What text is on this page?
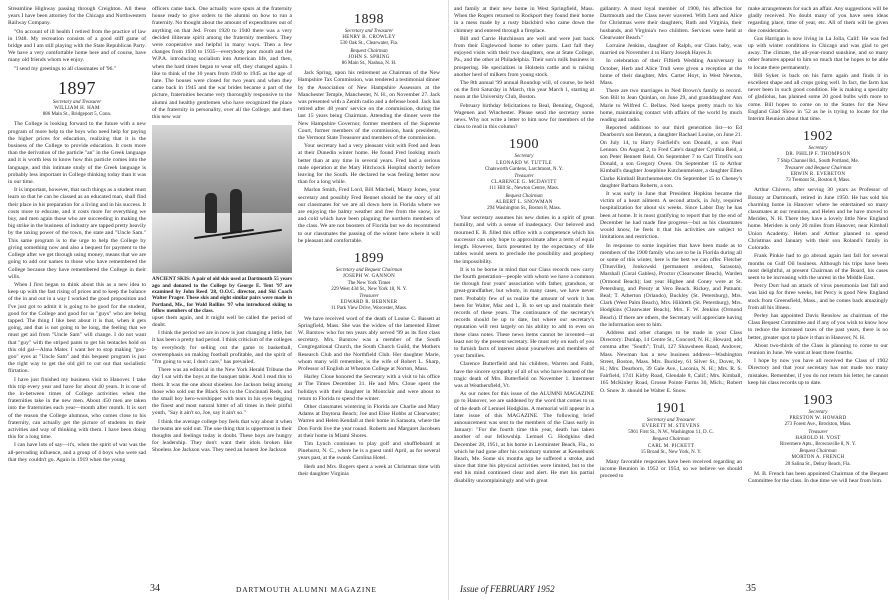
Streamline Highway passing through Creighton. All these years I have been attorney for the Chicago and Northwestern Railway Company.

"On account of ill health I retired from the practice of law in 1948. My recreation consists of a good stiff game of bridge and I am still playing with the State Republican Party. We have a very comfortable home here and of course, have many old friends whom we enjoy.

"I send my greetings to all classmates of '96."

1897
Secretary and Treasurer
WILLIAM H. HAM
886 Main St., Bridgeport 5, Conn.

The College is looking forward to the future with a new program of more help to the boys who need help for paying the higher prices for education, realizing that it is the business of the College to provide education. It costs more than the derivation of the particle "an" in the Greek language and it is worth less to know how this particle comes into the language, and this intimate study of the Greek language is probably less important in College thinking today than it was in our time.

It is important, however, that such things as a student must learn so that he can be classed as an educated man, shall find their place in his preparation for a living and in his success. It costs more to educate, and it costs more for everything we buy, and men again those who are succeeding in making the big strike in the business of industry are tapped pretty heavily by the taxing power of the town, the state and "Uncle Sam." This same program is to the urge to help the College by giving something now and also a bequest for payment to the College after we get through using money, means that we are going to add our names to those who have remembered the College because they have remembered the College in their wills.

When I first began to think about this as a new idea to keep up with the fast rising of prices and to keep the balance of the in and out in a way I worked the good proposition and I've just got to admit it is going to be good for the student, good for the College and good for us "guys" who are being tapped. The thing I like best about it is that, when it gets going, and that is not going to be long, the feeling that we must get aid from "Uncle Sam" will change. I do not want that "guy" with the striped pants to get his tentacles hold on this old gal—Alma Mater. I want her to stop making "goo-goo" eyes at "Uncle Sam" and this bequest program is just the right way to get the old girl to cut out that socialistic flirtation.

I have just finished my business visit to Hanover. I take this trip every year and have for about 40 years. It is one of the in-between times of College activities when the fraternities take in the new men. About 450 men are taken into the fraternities each year—month after month. It is sort of the reason the College alumnus, who comes close to his fraternity, can actually get the picture of students in their activities and way of thinking with them. I have been doing this for a long time.

I can have lots of say—it's, when the spirit of war was the all-pervading influence, and a group of 4 boys who were sad that they couldn't go. Again in 1919 when the young

officers came back. One actually wore spurs at the fraternity house ready to give orders to the alumni on how to run a fraternity. No thought about the amount of expenditures out of anything on that Jed. From 1920 to 1940 there was a very decided illiterate spirit among the fraternity members. They were cooperative and helpful in many ways. Then a few changes from 1930 to 1935—everybody poor mouth and the W.P.A. introducing socialism into American life, and then, when the hard times began to wear off, they changed again. I like to think of the 10 years from 1940 to 1945 as the age of hate. The houses were closed for two years and when they came back in 1945 and the war brides became a part of the picture, fraternities became very thoroughly responsive to the alumni and healthy gentlemen who have recognized the place of the fraternity in personality, over all the College; and then this new war

ANCIENT SKIS: A pair of old skis used at Dartmouth 55 years ago and donated to the College by George E. Tent '97 are examined by John Reed '28, O.O.C. director, and Ski Coach Walter Prager. These skis and eight similar pairs were made in Portland, Me., for Wald Rollins '97 who introduced skiing to fellow members of the class.

upset them again, and it might well be called the period of doubt.

I think the period we are in now is just changing a little, but it has been a pretty bad period. I think criticism of the colleges by everybody for selling out the game to basketball, overemphasis on making football profitable, and the spirit of "I'm going to war, I don't care," has prevailed.

There was an editorial in the New York Herald Tribune the day I sat with the boys at the banquet table. And I read this to them. It was the one about shoeless Joe Jackson being among those who sold out the Black Sox to the Cincinnati Reds, and the small boy hero-worshipper with tears in his eyes begging the finest and most natural hitter of all times in their pitiful youth, "Say it ain't so, Joe, say it ain't so."

I think the average college boy feels that way about it when the teams are sold out. The one thing that is uppermost in their thoughts and feelings today is doubt. These boys are hungry for leadership. They don't want their idols broken like Shoeless Joe Jackson was. They need an honest Joe Jackson

1898
Secretary and Treasurer
HENRY B. CROWLEY
530 Oak St., Clearwater, Fla.
Bequest Chairman
JOHN S. SPRING
86 Main St., Nashua, N. H.

Jack Spring, upon his retirement as Chairman of the New Hampshire Tax Commission, was tendered a testimonial dinner by the Association of New Hampshire Assessors at the Manchester Temple, Manchester, N. H., on November 27. Jack was presented with a Zenith radio and a defense bond. Jack has retired after 48 years' service on the commission, during the last 15 years being Chairman. Attending the dinner were the New Hampshire Governor, former members of the Supreme Court, former members of the commission, bank presidents, the Vermont State Treasurer and members of the commission.

Your secretary had a very pleasant visit with Fred and Jean at their Dunedin winter home. He found Fred looking much better than at any time in several years. Fred had a serious male operation at the Mary Hitchcock Hospital shortly before leaving for the South. He declared he was feeling better now than for a long while.

Marlon Smith, Fred Lord, Bill Mitchell, Maury Jones, your secretary and possibly Fred Bennet should be the story of all our classmates for we are all down here in Florida where we are enjoying the balmy weather and free from the snow, ice and cold which have been plaguing the northern members of the class. We are not boosters of Florida but we do recommend to our classmates the passing of the winter here where it will be pleasant and comfortable.

1899
Secretary and Bequest Chairman
JOSEPH W. GANNON
The New York Times
229 West 43d St., New York 18, N. Y.
Treasurer
EDWARD R. BEBNNER
11 Park View Drive, Worcester, Mass.

We have received word of the death of Louise C. Bassett at Springfield, Mass. She was the widow of the lamented Elmer W. Barstow who for ten years ably served '99 as its first class secretary. Mrs. Barstow was a member of the South Congregational Church, the South Church Guild, the Mothers Research Club and the Northfield Club. Her daughter Marie, whom many will remember, is the wife of Robert L. Sharp, Professor of English at Wheaton College at Norton, Mass.

Harley Cloue honored the Secretary with a visit to his office at The Times December 31. He and Mrs. Cloue spent the holidays with their daughter in Montclair and were about to return to Florida to spend the winter.

Other classmates wintering in Florida are Charlie and Mary Adams at Daytona Beach; Joe and Elise Hobbs at Clearwater; Warren and Helen Kendall at their home in Sarasota, where the Don Fords live the year round. Roberts and Margaret Jacobsen at their home in Miami Shores.

Tim Lynch continues to play golf and shuffleboard at Pinehurst, N. C., where he is a guest until April, as for several years past, at the swank Carolina Hotel.

Herb and Mrs. Rogers spent a week at Christmas time with their daughter Virginia

34	DARTMOUTH ALUMNI MAGAZINE

and family at their new home in West Springfield, Mass. When the Rogers returned to Rockport they found their home in a mess made by a rusty blackbird who came down the chimney and entered through a fireplace.

Bill and Carrie Hutchinson are well and were just back from their Englewood home to other parts. Last fall they enjoyed visits with their two daughters, one at State College, Pa., and the other at Philadelphia. Their son's milk business is prospering. He specializes in Holstein cattle and is raising another herd of milkers from young stock.

The 8th annual '99 annual Roundup will, of course, be held on the first Saturday in March, this year March 1, starting at noon at the University Club, Boston.

February birthday felicitations to Beal, Benning, Osgood, Wagenen and Winchester. Please send the secretary some news. Why not write a letter to him now for members of the class to read in this column?

1900
Secretary
LEONARD W. TUTTLE
Chatsworth Gardens, Larchmont, N. Y.
Treasurer
CLARENCE G. MCDAVITT
111 Hill St., Newton Centre, Mass.
Bequest Chairman
ALBERT L. SNOWMAN
294 Washington St., Boston 8, Mass.

Your secretary assumes his new duties in a spirit of great humility, and with a sense of inadequacy. Our beloved and mourned E. B. filled this office with a competence which his successor can only hope to approximate after a term of equal length. However, facts presented by the expectancy of life tables would seem to preclude the possibility and prophesy the impossibility.

It is to be borne in mind that our Class records now carry the fourth generation—people with whom we have a common tie through four years' association with father, grandson, or great-grandfather, but whom, in many cases, we have never met. Probably few of us realize the amount of work it has been for Walter, Mac and L. B. to set up and maintain their records of these years. The continuance of the secretary's records should be up to date, but where our secretary's reputation will rest largely on his ability to add to even on these class notes. These news items cannot be invented—at least not by the present secretary. He must rely on each of you to furnish facts of interest about yourselves and members of your families.

Clarence Butterfield and his children, Warren and Faith, have the sincere sympathy of all of us who have learned of the tragic death of Mrs. Butterfield on November 1. Interment was at Weathersfield, Vt.

As our notes for this issue of the ALUMNI MAGAZINE go to Hanover, we are saddened by the word that comes to us of the death of Lemuel Hodgkins. A memorial will appear in a later issue of this MAGAZINE. The following brief announcement was sent to the members of the Class early in January: "For the fourth time this year, death has taken another of our fellowship. Lemuel G. Hodgkins died December 28, 1951, at his home in Leominster Beach, Fla., to which he had gone after his customary summer at Kennebunk Beach, Me. Some six months ago he suffered a stroke, and since that time his physical activities were limited, but to the end his mind continued clear and alert. He met his partial disability uncomplainingly and with great

gallantry. A most loyal member of 1900, his affection for Dartmouth and the Class never wavered. With Lem and Alice for Christmas were their daughters, Ruth and Virginia, their husbands, and Virginia's two children. Services were held at Clearwater Beach."

Lorraine Jenkins, daughter of Ralph, our Class baby, was married on November 4 to Harry Joseph Hayes Jr.

In celebration of their Fiftieth Wedding Anniversary in October, Herb and Alice Trull were given a reception at the home of their daughter, Mrs. Carter Hoyt, in West Newton, Mass.

There are two marriages in Ned Brown's family to record. Son Bill to Jean Quinlan, on June 29, and granddaughter Ann Marie to Wilfred C. Bellaw. Ned keeps pretty much to his home, maintaining contact with affairs of the world by much reading and radio.

Reported additions to our third generation list—to Ed Dearborn's son Benton, a daughter Rachael Louise, on June 21. On July 14, to Harry Fairfield's son Donald, a son Paul Lennon. On August 2, to Fred Cate's daughter Cynthia Reid, a son Peter Bennett Reid. On September 7 to Carl Tirrell's son Donald, a son Gregory Owen. On September 15 to Arthur Kimball's daughter Josephine Kutchenmeister, a daughter Ellen Clarke Kimball Butchenmeister. On September 15 to Cheney's daughter Barbara Roberts, a son.

It was early in June that President Hopkins became the victim of a heart ailment. A second attack, in July, required hospitalization for about six weeks. Since Labor Day he has been at home. It is most gratifying to report that by the end of December he had made fine progress—but as his classmates would know, he feels it that his activities are subject to limitations and restriction.

In response to some inquiries that have been made as to members of the 1900 family who are to be in Florida during all or some of this winter, here is the best we can offer. Fletcher (Titusville), Jonkowski (permanent resident, Sarasota), Marshall (Coral Gables), Proctor (Clearwater Beach), Warden (Ormond Beach); last year Higbee and Coney were at St. Petersburg, and Preuty at Vero Beach. Rickey, and Putnam; Beal; T. Atherton (Orlando), Buckley (St. Petersburg), Mrs. Clark (West Palm Beach), Mrs. Hildreth (St. Petersburg), Mrs. Hodgkins (Clearwater Beach), Mrs. F. W. Jenkins (Ormond Beach). If there are others, the Secretary will appreciate having the information sent to him.

Address and other changes to be made in your Class Directory: Dunlap, 14 Centre St., Concord, N. H.; Howard, add comma after "South"; Trull, 127 Shawsheen Road, Andover, Mass. Newman has a new business address—Washington Street, Boston, Mass. Mrs. Buckley, 61 Silver St., Dover, N. H.; Mrs. Dearborn, 39 Gale Ave., Laconia, N. H.; Mrs. R. S. Fairfield, 1741 Kirby Road, Glendale 8, Calif.; Mrs. Kimball, 165 McKinley Road, Grosse Pointe Farms 30, Mich.; Robert O. Snow Jr. should be Walter E. Snow.

1901
Secretary and Treasurer
EVERETT M. STEVENS
5961 First St., N.W., Washington 11, D. C.
Bequest Chairman
CARL M. PICKETT
15 Broad St., New York, N. Y.

Many favorable responses have been received regarding an income Reunion in 1952 or 1954, so we believe we should proceed to

make arrangements for such an affair. Any suggestions will be gladly received. No doubt many of you have seen ideas regarding place, time of year, etc. All of them will be given due consideration.

Gus Harrigan is now living in La Jolla, Calif. He was fed up with winter conditions in Chicago and was glad to get away. The climate, the all-year-round sunshine, and so many other features appeal to him so much that he hopes to be able to locate there permanently.

Bill Syker is back on his farm again and finds it in excellent shape and all crops going well. In fact, the farm has never been in such good condition. He is making a specialty of gladiolus, has planned some 20 good bulbs with more to come. Bill hopes to come on to the States for the New England Glad Show in '52 as he is trying to locate for the Interim Reunion about that time.

1902
Secretary
DR. PHILIP F. THOMPSON
7 Ship Channel Rd., South Portland, Me.
Treasurer and Bequest Chairman
ERWIN R. EVERETON
73 Tremont St., Boston 8, Mass.

Arthur Chivers, after serving 30 years as Professor of Botany at Dartmouth, retired in June 1950. He has sold his charming home in Hanover where he entertained so many classmates at our reunions, and Helen and he have moved to Meriden, N. H. There they have a lovely little New England home. Meriden is only 20 miles from Hanover, near Kimball Union Academy. Helen and Arthur planned to spend Christmas and January with their son Roland's family in Colorado.

Frank Pinkie had to go abroad again last fall for several months on Gulf Oil business. Although his trips have been most delightful, at present Chairman of the Board, his cases seem to be increasing with the unrest in the Middle East.

Percy Dorr had an attack of virus pneumonia last fall and was laid up for three weeks, but Percy is good New England stock from Greensfield, Mass., and he comes back amazingly from all his illness.

Perley has appointed Davis Renslow as chairman of the Class Bequest Committee and if any of you wish to know how to reduce the increased taxes of the past years, there is no better, greater spot to place it than in Hanover, N. H.

About two-thirds of the Class is planning to come to our reunion in June. We want at least three fourths.

I hope by now you have all received the Class of 1902 Directory and that your secretary has not made too many mistakes. Remember, if you do not return his letter, he cannot keep his class records up to date.

1903
Secretary
PRESTON W. HOWARD
273 Forest Ave., Brockton, Mass.
Treasurer
HAROLD H. YOST
Rivermere Apts., Brownsville 8, N. Y.
Bequest Chairman
MORTON A. FRENCH
20 Salina St., Delray Beach, Fla.

M. B. French has been appointed Chairman of the Bequest Committee for the class. In due time we will hear from him.

Issue of FEBRUARY 1952	35
